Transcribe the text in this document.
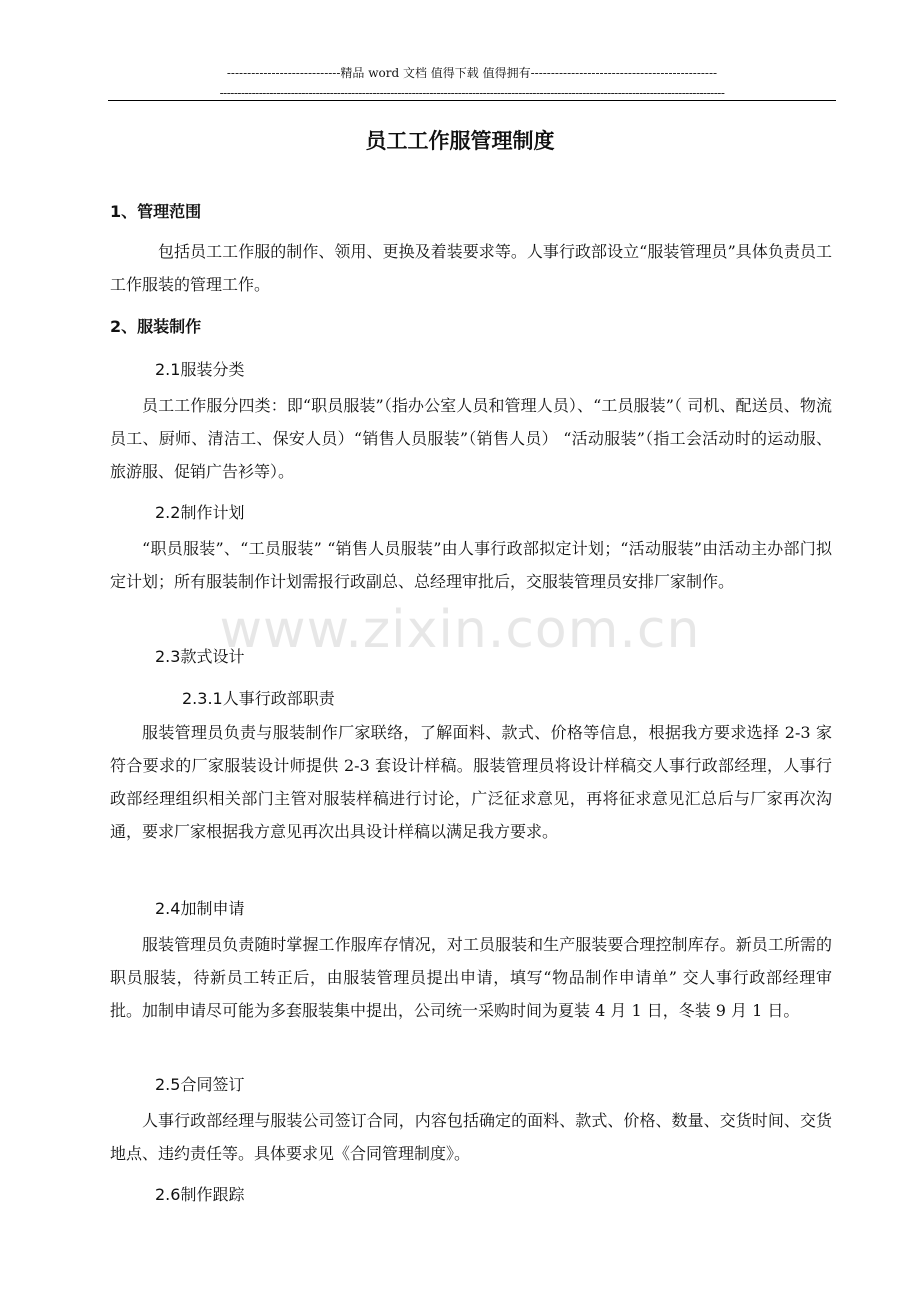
----------------------------精品 word 文档 值得下载 值得拥有----------------------------------------------
----------------------------------------------------------------------------------------------------------------------------------------------
www.zixin.com.cn
员工工作服管理制度
1、管理范围
包括员工工作服的制作、领用、更换及着装要求等。人事行政部设立“服装管理员”具体负责员工工作服装的管理工作。
2、服装制作
2.1服装分类
员工工作服分四类：即“职员服装”（指办公室人员和管理人员）、“工员服装”（ 司机、配送员、物流员工、厨师、清洁工、保安人员）“销售人员服装”（销售人员） “活动服装”（指工会活动时的运动服、旅游服、促销广告衫等）。
2.2制作计划
“职员服装”、“工员服装” “销售人员服装”由人事行政部拟定计划；“活动服装”由活动主办部门拟定计划；所有服装制作计划需报行政副总、总经理审批后，交服装管理员安排厂家制作。
2.3款式设计
2.3.1人事行政部职责
服装管理员负责与服装制作厂家联络，了解面料、款式、价格等信息，根据我方要求选择 2-3 家符合要求的厂家服装设计师提供 2-3 套设计样稿。服装管理员将设计样稿交人事行政部经理，人事行政部经理组织相关部门主管对服装样稿进行讨论，广泛征求意见，再将征求意见汇总后与厂家再次沟通，要求厂家根据我方意见再次出具设计样稿以满足我方要求。
2.4加制申请
服装管理员负责随时掌握工作服库存情况，对工员服装和生产服装要合理控制库存。新员工所需的职员服装，待新员工转正后，由服装管理员提出申请，填写“物品制作申请单” 交人事行政部经理审批。加制申请尽可能为多套服装集中提出，公司统一采购时间为夏装 4 月 1 日，冬装 9 月 1 日。
2.5合同签订
人事行政部经理与服装公司签订合同，内容包括确定的面料、款式、价格、数量、交货时间、交货地点、违约责任等。具体要求见《合同管理制度》。
2.6制作跟踪
